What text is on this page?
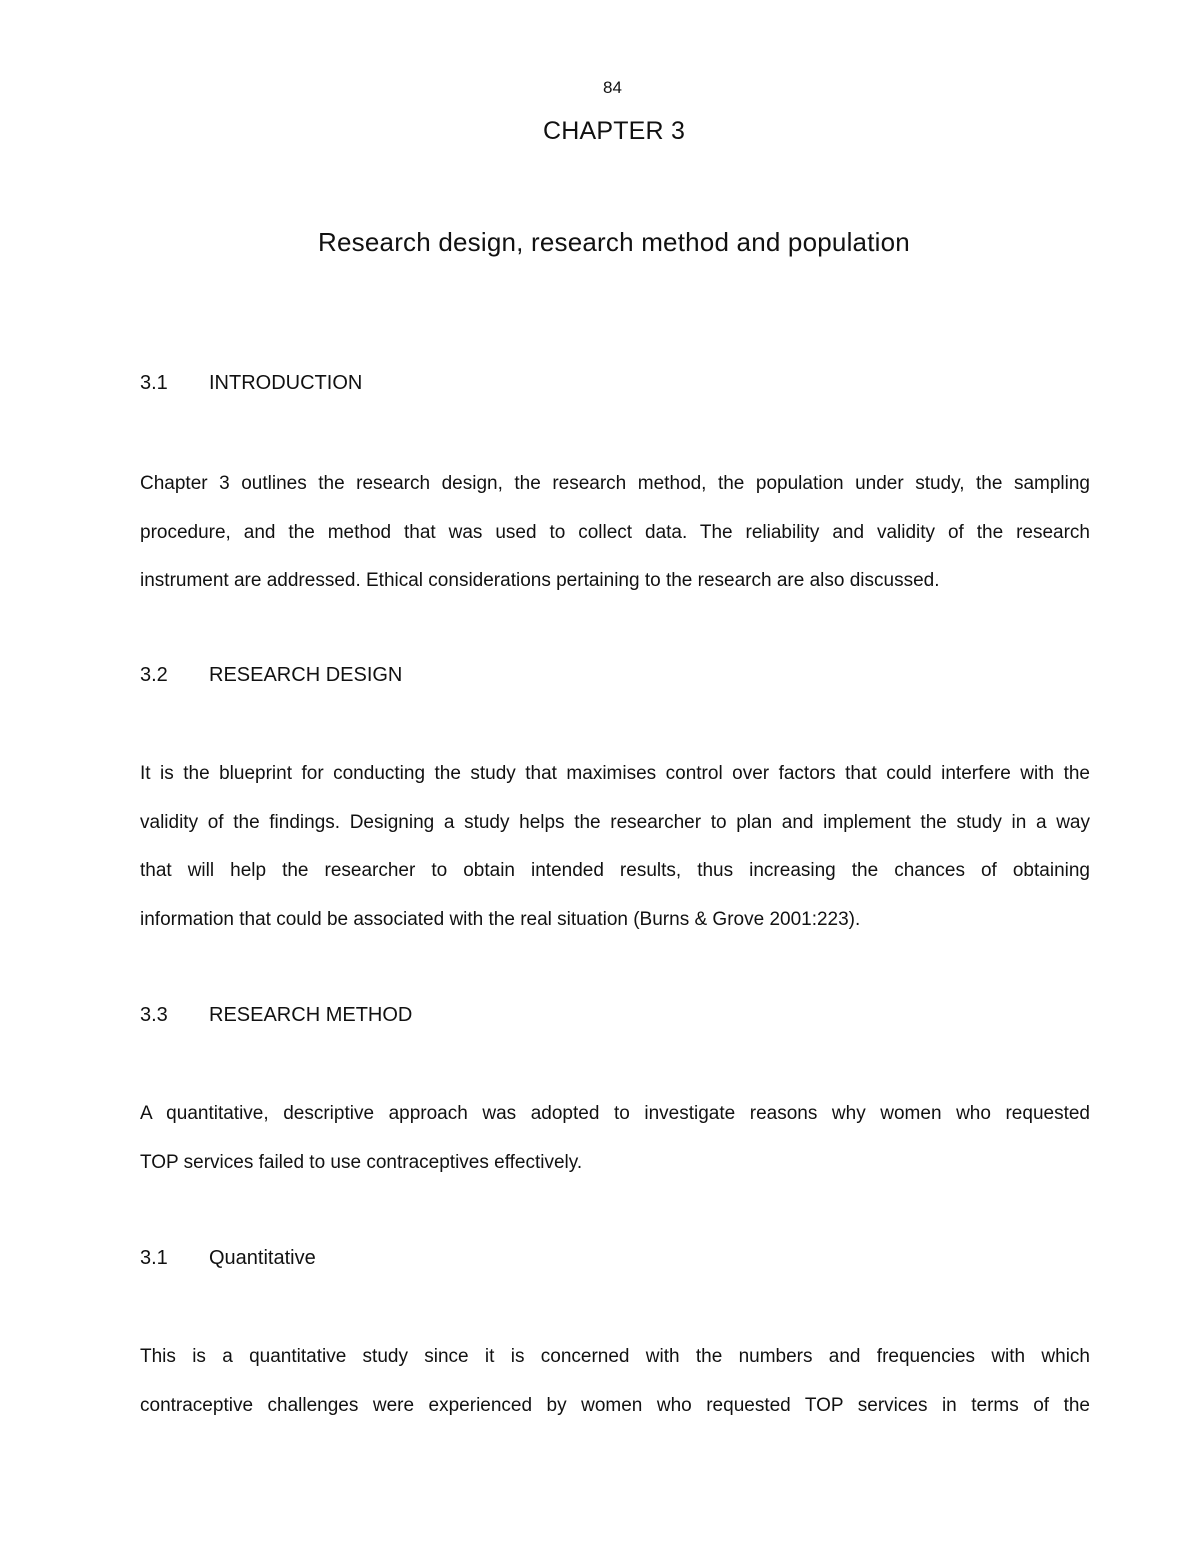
84
CHAPTER 3
Research design, research method and population
3.1 INTRODUCTION
Chapter 3 outlines the research design, the research method, the population under study, the sampling
procedure, and the method that was used to collect data. The reliability and validity of the research
instrument are addressed. Ethical considerations pertaining to the research are also discussed.
3.2 RESEARCH DESIGN
It is the blueprint for conducting the study that maximises control over factors that could interfere with the
validity of the findings. Designing a study helps the researcher to plan and implement the study in a way
that will help the researcher to obtain intended results, thus increasing the chances of obtaining
information that could be associated with the real situation (Burns & Grove 2001:223).
3.3 RESEARCH METHOD
A quantitative, descriptive approach was adopted to investigate reasons why women who requested
TOP services failed to use contraceptives effectively.
3.1 Quantitative
This is a quantitative study since it is concerned with the numbers and frequencies with which
contraceptive challenges were experienced by women who requested TOP services in terms of the
